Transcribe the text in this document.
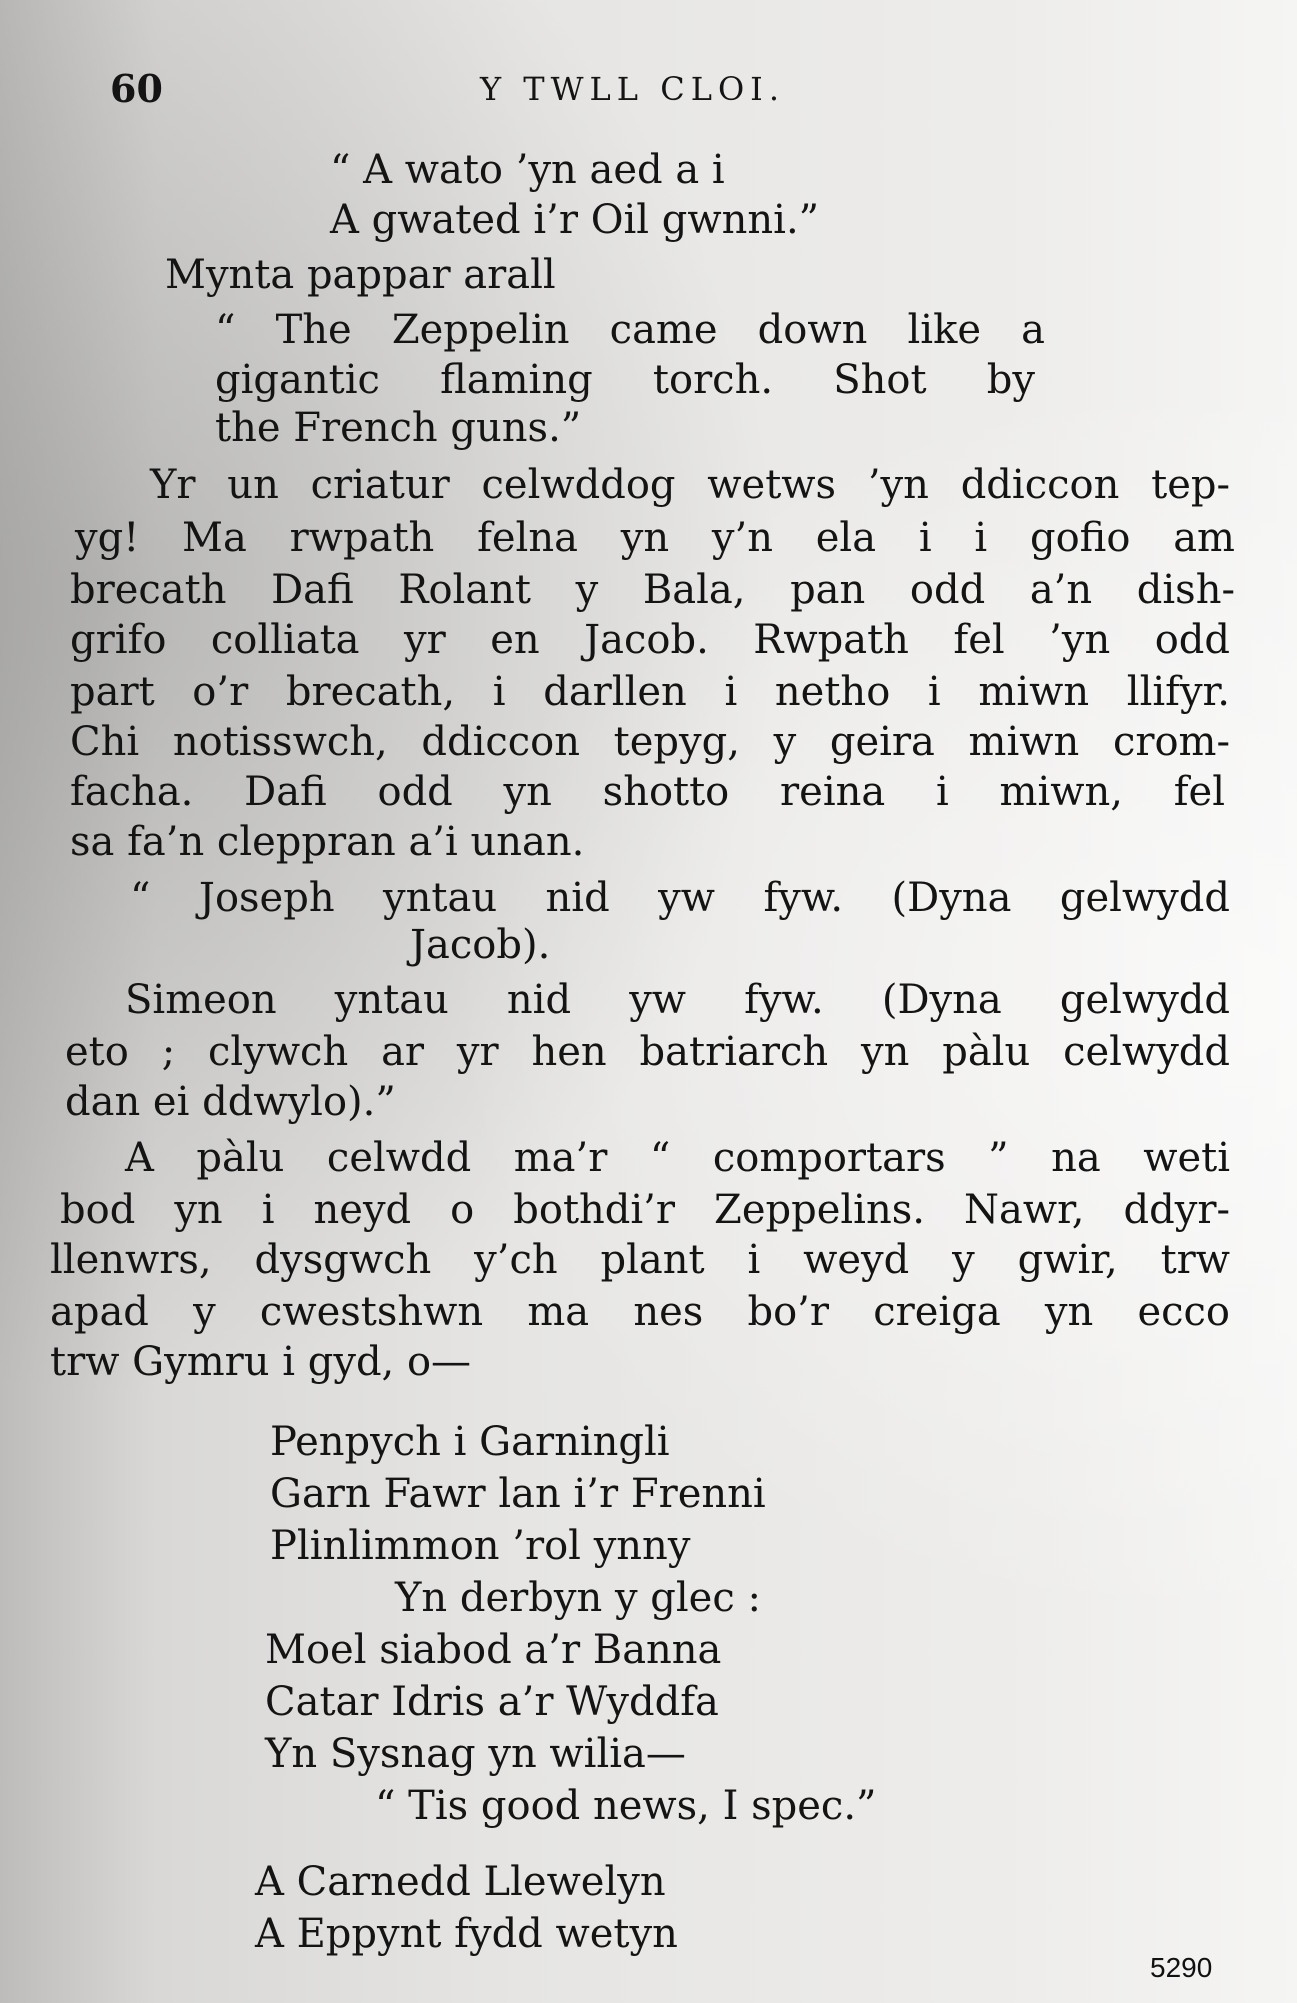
60	Y TWLL CLOI.
“ A wato ’yn aed a i
A gwated i’r Oil gwnni.”
Mynta pappar arall
“ The Zeppelin came down like a
gigantic flaming torch. Shot by
the French guns.”
Yr un criatur celwddog wetws ’yn ddiccon tep-
yg! Ma rwpath felna yn y’n ela i i gofio am
brecath Dafi Rolant y Bala, pan odd a’n dish-
grifo colliata yr en Jacob. Rwpath fel ’yn odd
part o’r brecath, i darllen i netho i miwn llifyr.
Chi notisswch, ddiccon tepyg, y geira miwn crom-
facha. Dafi odd yn shotto reina i miwn, fel
sa fa’n cleppran a’i unan.
“ Joseph yntau nid yw fyw. (Dyna gelwydd
Jacob).
Simeon yntau nid yw fyw. (Dyna gelwydd
eto ; clywch ar yr hen batriarch yn pàlu celwydd
dan ei ddwylo).”
A pàlu celwdd ma’r “ comportars ” na weti
bod yn i neyd o bothdi’r Zeppelins. Nawr, ddyr-
llenwrs, dysgwch y’ch plant i weyd y gwir, trw
apad y cwestshwn ma nes bo’r creiga yn ecco
trw Gymru i gyd, o—
Penpych i Garningli
Garn Fawr lan i’r Frenni
Plinlimmon ’rol ynny
Yn derbyn y glec :
Moel siabod a’r Banna
Catar Idris a’r Wyddfa
Yn Sysnag yn wilia—
“ Tis good news, I spec.”
A Carnedd Llewelyn
A Eppynt fydd wetyn
5290
